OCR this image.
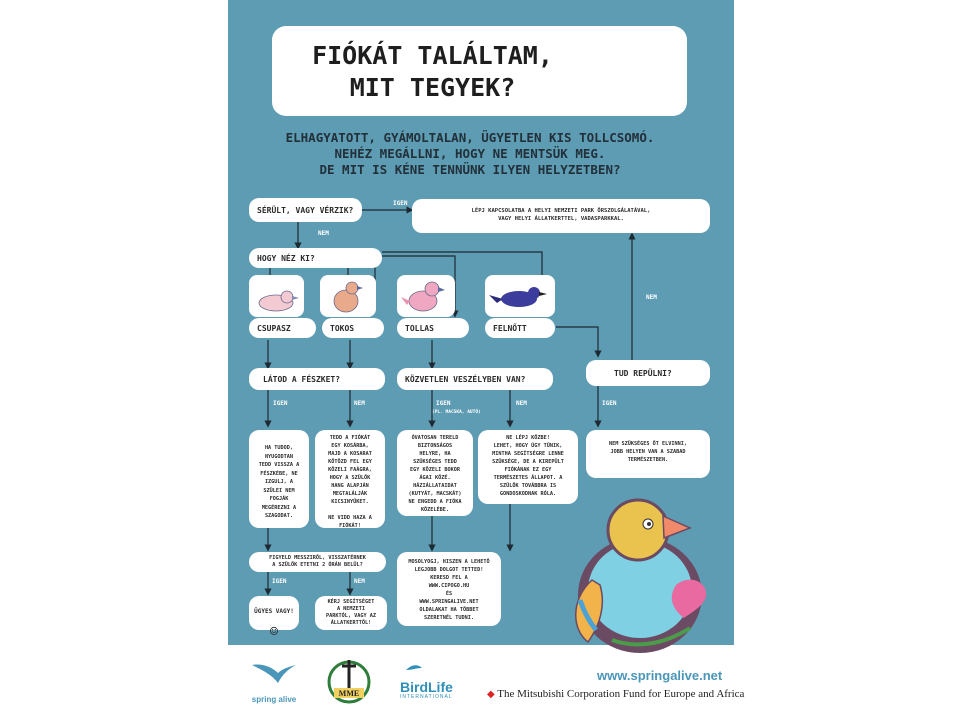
FIÓKÁT TALÁLTAM,
MIT TEGYEK?
ELHAGYATOTT, GYÁMOLTALAN, ÜGYETLEN KIS TOLLCSOMÓ.
NEHÉZ MEGÁLLNI, HOGY NE MENTSÜK MEG.
DE MIT IS KÉNE TENNÜNK ILYEN HELYZETBEN?
SÉRÜLT, VAGY VÉRZIK?
IGEN
LÉPJ KAPCSOLATBA A HELYI NEMZETI PARK ŐRSZOLGÁLATÁVAL,
VAGY HELYI ÁLLATKERTTEL, VADASPARKKAL.
NEM
HOGY NÉZ KI?
NEM
CSUPASZ	TOKOS	TOLLAS	FELNŐTT
LÁTOD A FÉSZKET?	KÖZVETLEN VESZÉLYBEN VAN?
TUD REPÜLNI?
IGEN	NEM	IGEN
(PL. MACSKA, AUTÓ)
NEM	IGEN
HA TUDOD,
NYUGODTAN
TEDD VISSZA A
FÉSZKÉBE, NE
IZGULJ, A
SZÜLEI NEM
FOGJÁK
MEGÉREZNI A
SZAGODAT.
TEDD A FIÓKÁT
EGY KOSÁRBA,
MAJD A KOSARAT
KÖTÖZD FEL EGY
KÖZELI FAÁGRA,
HOGY A SZÜLŐK
HANG ALAPJÁN
MEGTALÁLJÁK
KICSINYÜKET.

NE VIDD HAZA A
FIÓKÁT!
ÓVATOSAN TERELD
BIZTONSÁGOS
HELYRE, HA
SZÜKSÉGES TEDD
EGY KÖZELI BOKOR
ÁGAI KÖZÉ.
HÁZIÁLLATAIDAT
(KUTYÁT, MACSKÁT)
NE ENGEDD A FIÓKA
KÖZELÉBE.
NE LÉPJ KÖZBE!
LEHET, HOGY ÚGY TŰNIK,
MINTHA SEGÍTSÉGRE LENNE
SZÜKSÉGE, DE A KIREPÜLT
FIÓKÁNAK EZ EGY
TERMÉSZETES ÁLLAPOT. A
SZÜLŐK TOVÁBBRA IS
GONDOSKODNAK RÓLA.
NEM SZÜKSÉGES ŐT ELVINNI,
JOBB HELYEN VAN A SZABAD
TERMÉSZETBEN.
FIGYELD MESSZIRŐL, VISSZATÉRNEK
A SZÜLŐK ETETNI 2 ÓRÁN BELÜL?
IGEN	NEM
MOSOLYOGJ, HISZEN A LEHETŐ
LEGJOBB DOLGOT TETTED!
KERESD FEL A
WWW.CIPOGO.HU
ÉS
WWW.SPRINGALIVE.NET
OLDALAKAT HA TÖBBET
SZERETNÉL TUDNI.

ÜGYES VAGY!

☺

KÉRJ SEGÍTSÉGET
A NEMZETI
PARKTÓL, VAGY AZ
ÁLLATKERTTŐL!
spring alive
MME	BirdLife
INTERNATIONAL
www.springalive.net
◆ The Mitsubishi Corporation Fund for Europe and Africa
